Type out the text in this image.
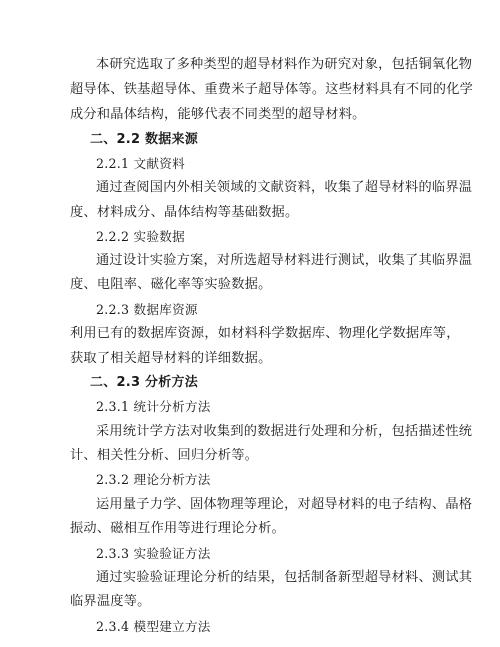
本研究选取了多种类型的超导材料作为研究对象，包括铜氧化物
超导体、铁基超导体、重费米子超导体等。这些材料具有不同的化学
成分和晶体结构，能够代表不同类型的超导材料。
二、2.2 数据来源
2.2.1 文献资料
通过查阅国内外相关领域的文献资料，收集了超导材料的临界温
度、材料成分、晶体结构等基础数据。
2.2.2 实验数据
通过设计实验方案，对所选超导材料进行测试，收集了其临界温
度、电阻率、磁化率等实验数据。
2.2.3 数据库资源
利用已有的数据库资源，如材料科学数据库、物理化学数据库等，
获取了相关超导材料的详细数据。
二、2.3 分析方法
2.3.1 统计分析方法
采用统计学方法对收集到的数据进行处理和分析，包括描述性统
计、相关性分析、回归分析等。
2.3.2 理论分析方法
运用量子力学、固体物理等理论，对超导材料的电子结构、晶格
振动、磁相互作用等进行理论分析。
2.3.3 实验验证方法
通过实验验证理论分析的结果，包括制备新型超导材料、测试其
临界温度等。
2.3.4 模型建立方法
